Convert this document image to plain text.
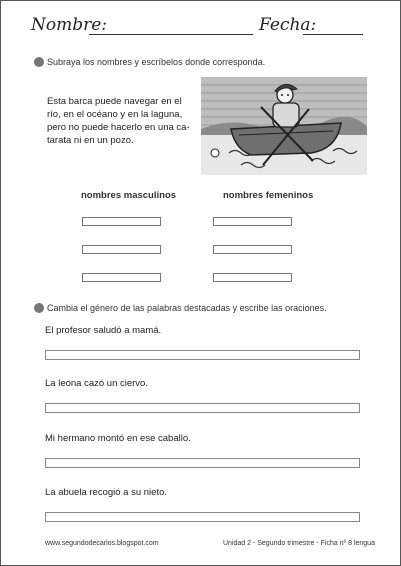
Nombre:	Fecha:
Subraya los nombres y escríbelos donde corresponda.
Esta barca puede navegar en el
río, en el océano y en la laguna,
pero no puede hacerlo en una ca-
tarata ni en un pozo.
nombres masculinos	nombres femeninos
Cambia el género de las palabras destacadas y escribe las oraciones.
El profesor saludó a mamá.
La leona cazó un ciervo.
Mi hermano montó en ese caballo.
La abuela recogió a su nieto.
www.segundodecarlos.blogspot.com	Unidad 2 - Segundo trimestre - Ficha nº 8 lengua
